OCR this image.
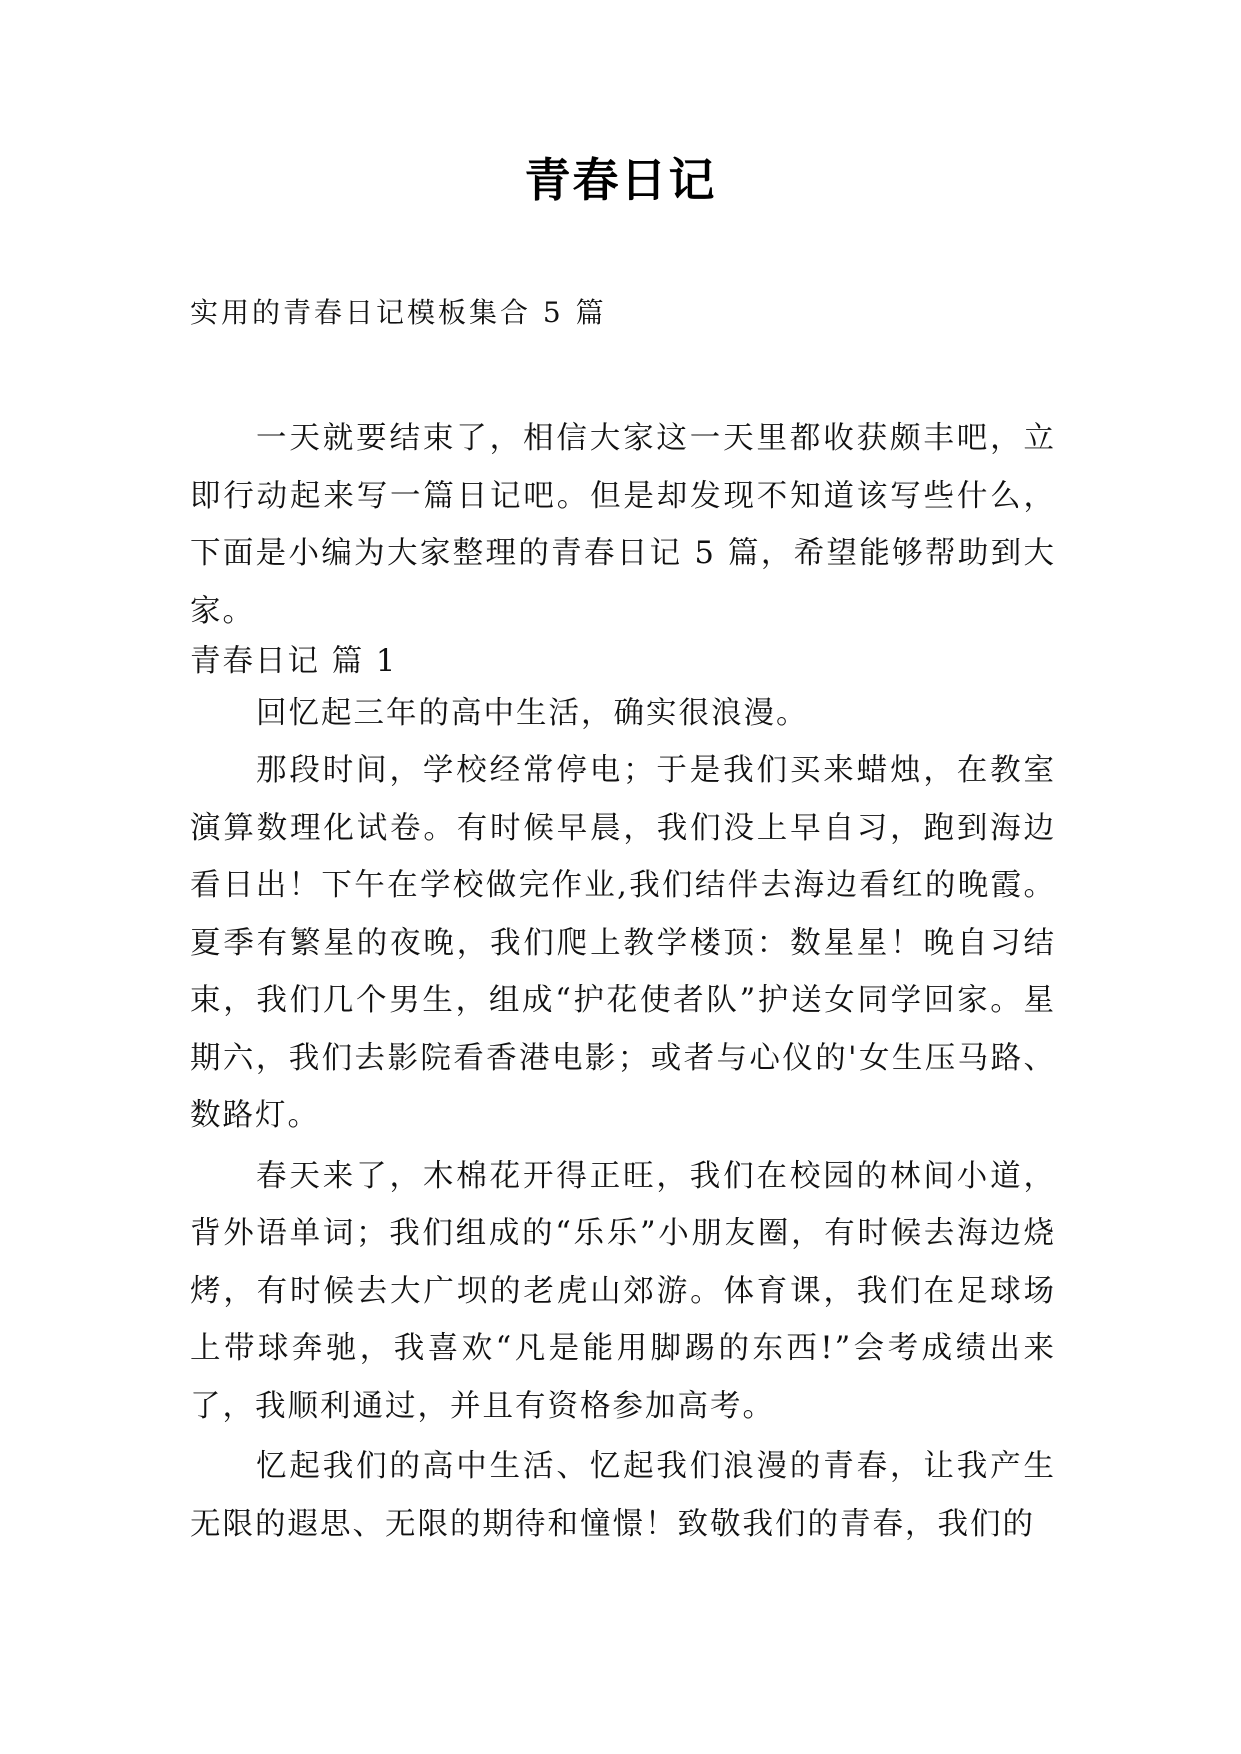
青春日记
实用的青春日记模板集合 5 篇

一天就要结束了，相信大家这一天里都收获颇丰吧，立即行动起来写一篇日记吧。但是却发现不知道该写些什么，下面是小编为大家整理的青春日记 5 篇，希望能够帮助到大家。

青春日记 篇 1

回忆起三年的高中生活，确实很浪漫。

那段时间，学校经常停电；于是我们买来蜡烛，在教室演算数理化试卷。有时候早晨，我们没上早自习，跑到海边看日出！下午在学校做完作业,我们结伴去海边看红的晚霞。夏季有繁星的夜晚，我们爬上教学楼顶：数星星！晚自习结束，我们几个男生，组成“护花使者队”护送女同学回家。星期六，我们去影院看香港电影；或者与心仪的'女生压马路、数路灯。

春天来了，木棉花开得正旺，我们在校园的林间小道，背外语单词；我们组成的“乐乐”小朋友圈，有时候去海边烧烤，有时候去大广坝的老虎山郊游。体育课，我们在足球场上带球奔驰，我喜欢“凡是能用脚踢的东西!”会考成绩出来了，我顺利通过，并且有资格参加高考。

忆起我们的高中生活、忆起我们浪漫的青春，让我产生无限的遐思、无限的期待和憧憬！致敬我们的青春，我们的
